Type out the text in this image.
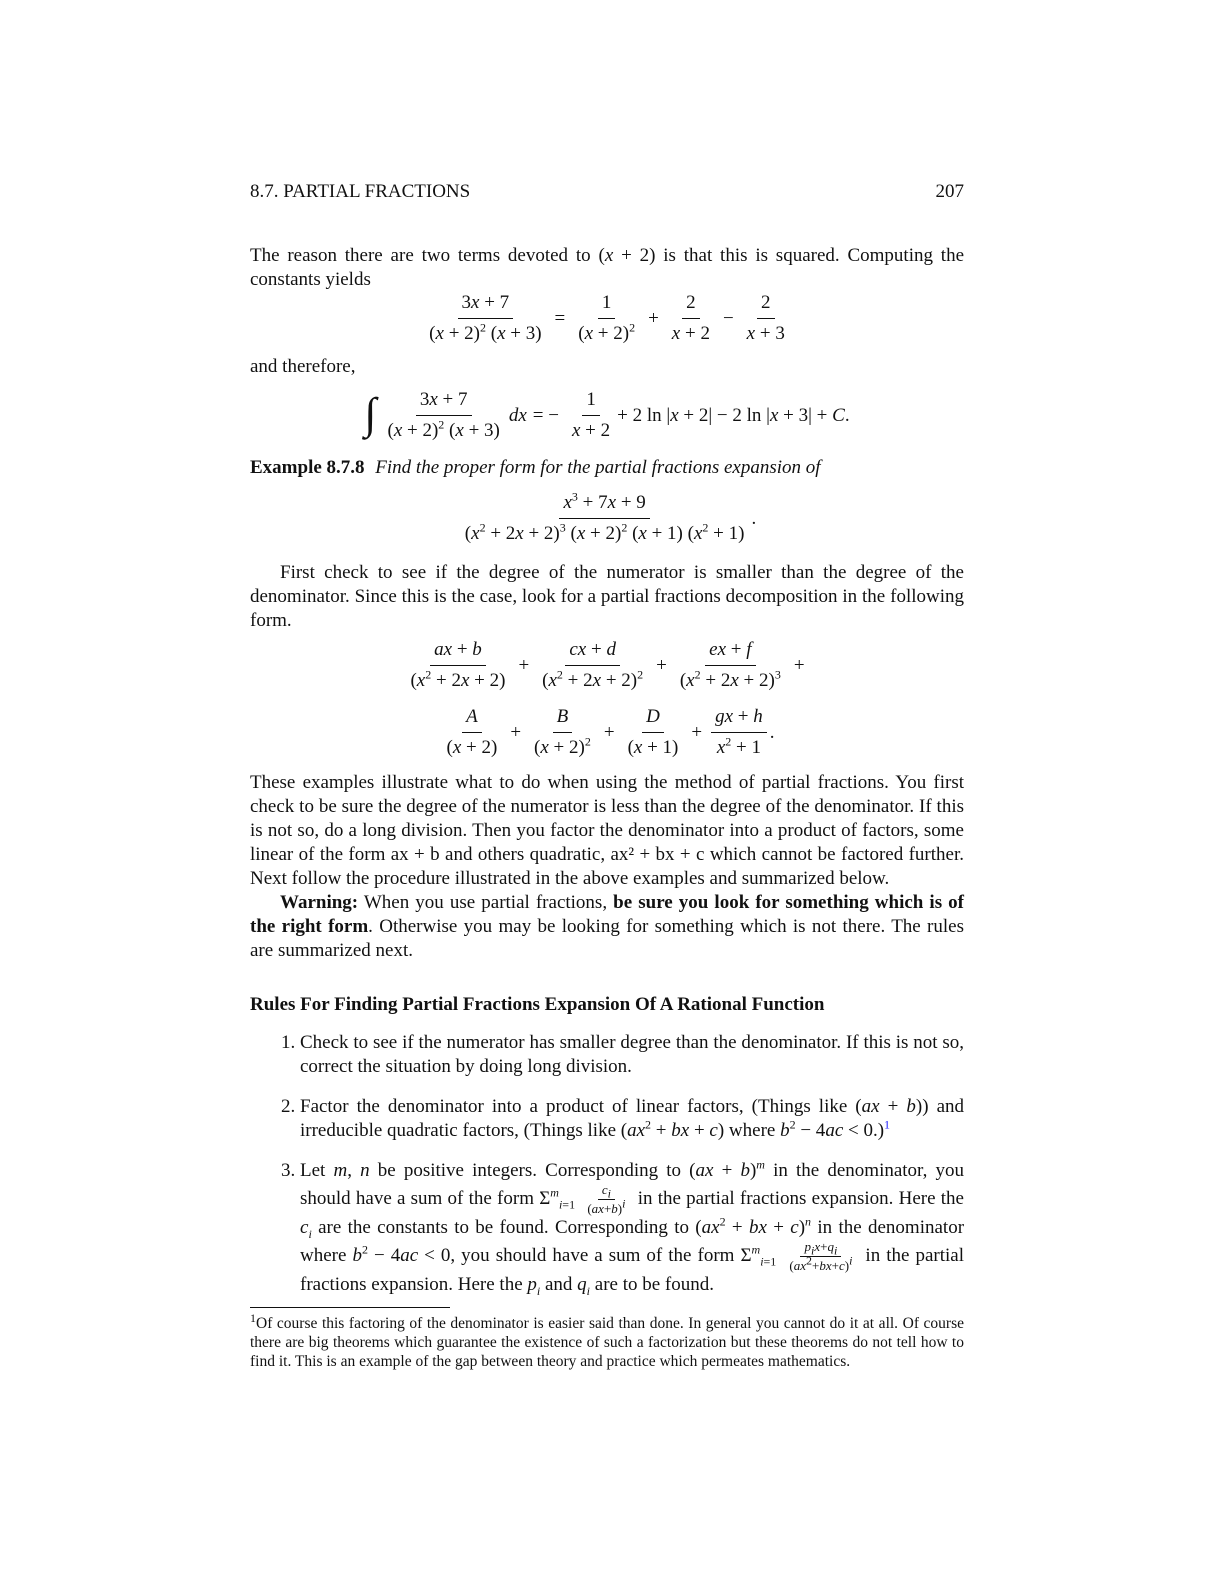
8.7. PARTIAL FRACTIONS	207

The reason there are two terms devoted to (x + 2) is that this is squared. Computing the constants yields

$\frac{3x + 7}{(x + 2)^2 (x + 3)} = \frac{1}{(x + 2)^2} + \frac{2}{x + 2} - \frac{2}{x + 3}$

and therefore,

∫ $\frac{3x + 7}{(x + 2)^2 (x + 3)}$ dx = − $\frac{1}{x + 2} + 2$ ln |x + 2| − 2 ln |x + 3| + C.

Example 8.7.8 Find the proper form for the partial fractions expansion of

$\frac{x^3 + 7x + 9}{(x^2 + 2x + 2)^3 (x + 2)^2 (x + 1) (x^2 + 1)}$ .

First check to see if the degree of the numerator is smaller than the degree of the denominator. Since this is the case, look for a partial fractions decomposition in the following form.

$\frac{ax + b}{(x^2 + 2x + 2)} + \frac{cx + d}{(x^2 + 2x + 2)^2} + \frac{ex + f}{(x^2 + 2x + 2)^3}$ +
$\frac{A}{(x + 2)} + \frac{B}{(x + 2)^2} + \frac{D}{(x + 1)} + \frac{gx + h}{x^2 + 1}$ .

These examples illustrate what to do when using the method of partial fractions. You first check to be sure the degree of the numerator is less than the degree of the denominator. If this is not so, do a long division. Then you factor the denominator into a product of factors, some linear of the form ax + b and others quadratic, ax² + bx + c which cannot be factored further. Next follow the procedure illustrated in the above examples and summarized below.

Warning: When you use partial fractions, be sure you look for something which is of the right form. Otherwise you may be looking for something which is not there. The rules are summarized next.

Rules For Finding Partial Fractions Expansion Of A Rational Function
1. Check to see if the numerator has smaller degree than the denominator. If this is not so, correct the situation by doing long division.
2. Factor the denominator into a product of linear factors, (Things like (ax + b)) and irreducible quadratic factors, (Things like ($ax^2$ + bx + c) where $b^2 - 4ac < 0.)^1$
3. Let m, n be positive integers. Corresponding to (ax + b)$^m$ in the denominator, you should have a sum of the form $\Sigma^m_{i=1} \frac{c_i}{(ax+b)^i}$ in the partial fractions expansion. Here the $c_i$ are the constants to be found. Corresponding to ($ax^2$ + bx + c)$^n$ in the denominator where $b^2 - 4ac < 0$, you should have a sum of the form $\Sigma^m_{i=1} \frac{p_ix+q_i}{(ax^2+bx+c)^i}$ in the partial fractions expansion. Here the $p_i$ and $q_i$ are to be found.

$^1$Of course this factoring of the denominator is easier said than done. In general you cannot do it at all. Of course there are big theorems which guarantee the existence of such a factorization but these theorems do not tell how to find it. This is an example of the gap between theory and practice which permeates mathematics.
